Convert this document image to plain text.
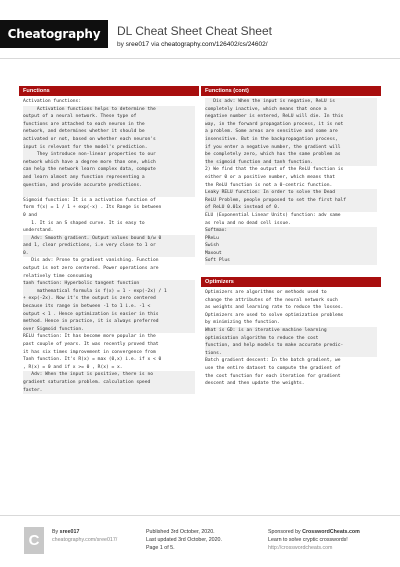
Cheatography	DL Cheat Sheet Cheat Sheet
by sree017 via cheatography.com/126402/cs/24602/
Functions
Activation functions:
Activation functions helps to determine the
output of a neural network. These type of
functions are attached to each neuron in the
network, and determines whether it should be
activated or not, based on whether each neuron's
input is relevant for the model's prediction.
They introduce non-linear properties to our
network which have a degree more than one, which
can help the network learn complex data, compute
and learn almost any function representing a
question, and provide accurate predictions.

Sigmoid function: It is a activation function of
form f(x) = 1 / 1 + exp(-x) . Its Range is between
0 and
1. It is an S shaped curve. It is easy to
understand.
Adv: Smooth gradient. Output values bound b/w 0
and 1, clear predictions, i.e very close to 1 or
0.
Dis adv: Prone to gradient vanishing. Function
output is not zero centered. Power operations are
relatively time consuming
tanh function: Hyperbolic tangent function
mathematical formula is f(x) = 1 - exp(-2x) / 1
+ exp(-2x). Now it's the output is zero centered
because its range in between -1 to 1 i.e. -1 <
output < 1 . Hence optimization is easier in this
method. Hence in practice, it is always preferred
over Sigmoid function.
RELU function: It has become more popular in the
past couple of years. It was recently proved that
it has six times improvement in convergence from
Tanh function. It's R(x) = max (0,x) i.e. if x < 0
, R(x) = 0 and if x >= 0 , R(x) = x.
Adv: When the input is positive, there is no
gradient saturation problem. calculation speed
faster.
Functions (cont)
Dis adv: When the input is negative, ReLU is
completely inactive, which means that once a
negative number is entered, ReLU will die. In this
way, in the forward propagation process, it is not
a problem. Some areas are sensitive and some are
insensitive. But in the backpropagation process,
if you enter a negative number, the gradient will
be completely zero, which has the same problem as
the sigmoid function and tanh function.
2) We find that the output of the ReLU function is
either 0 or a positive number, which means that
the ReLU function is not a 0-centric function.
Leaky RELU function: In order to solve the Dead
ReLU Problem, people proposed to set the first half
of ReLU 0.01x instead of 0.
ELU (Exponential Linear Units) function: adv same
as relu and no dead cell issue.
Softmax:
PReLu
Swish
Maxout
Soft Plus
Optimizers
Optimizers are algorithms or methods used to
change the attributes of the neural network such
as weights and learning rate to reduce the losses.
Optimizers are used to solve optimization problems
by minimizing the function.
What is GD: is an iterative machine learning
optimisation algorithm to reduce the cost
function, and help models to make accurate predic-
tions.
Batch gradient descent: In the batch gradient, we
use the entire dataset to compute the gradient of
the cost function for each iteration for gradient
descent and then update the weights.
C	By sree017
cheatography.com/sree017/
Published 3rd October, 2020.
Last updated 3rd October, 2020.
Page 1 of 5.
Sponsored by CrosswordCheats.com
Learn to solve cryptic crosswords!
http://crosswordcheats.com
